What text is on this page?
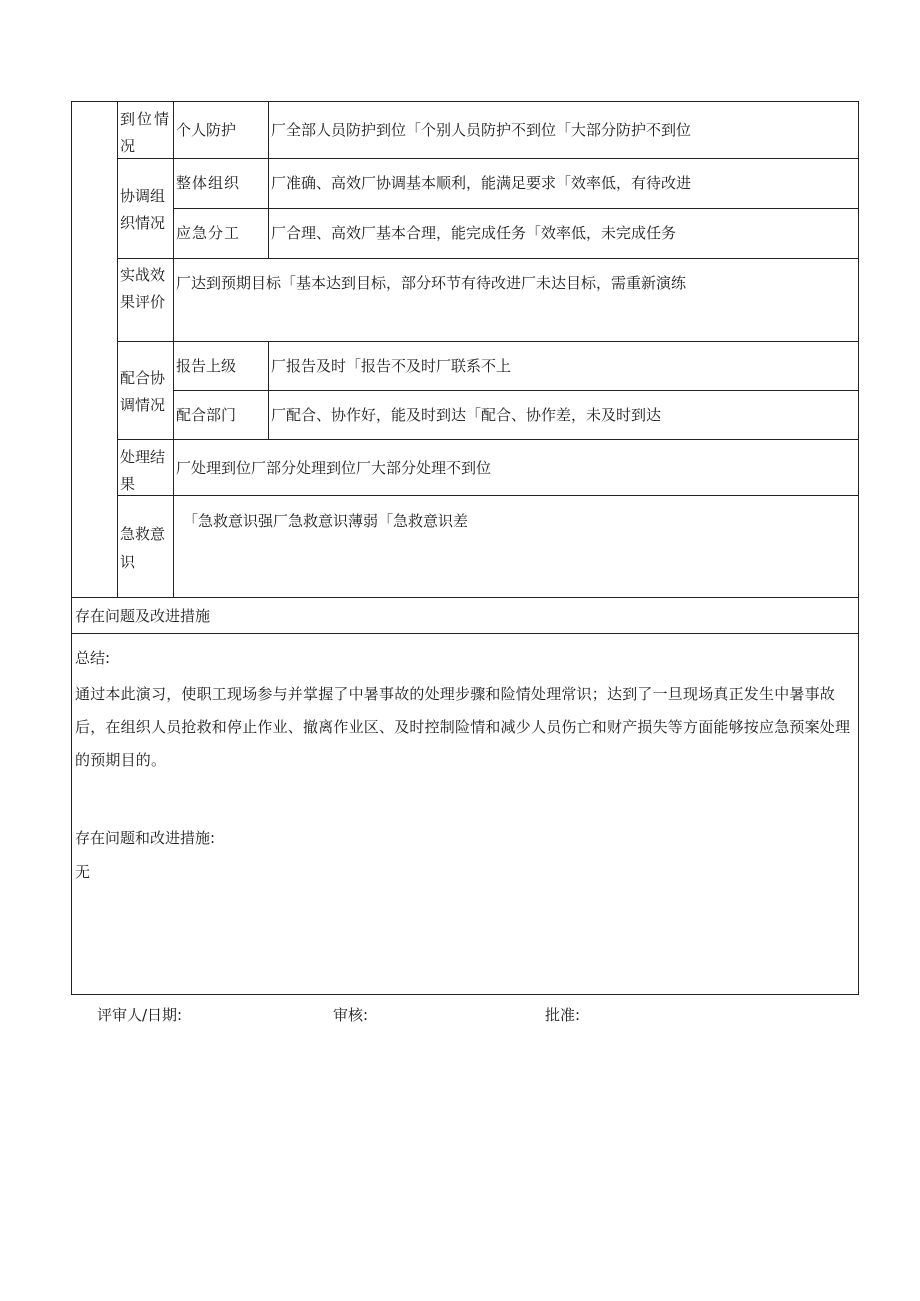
到位情况
个人防护 厂全部人员防护到位「个别人员防护不到位「大部分防护不到位
协调组织情况
整体组织 厂准确、高效厂协调基本顺利，能满足要求「效率低，有待改进
应急分工 厂合理、高效厂基本合理，能完成任务「效率低，未完成任务
实战效果评价
厂达到预期目标「基本达到目标，部分环节有待改进厂未达目标，需重新演练
配合协调情况
报告上级 厂报告及时「报告不及时厂联系不上
配合部门 厂配合、协作好，能及时到达「配合、协作差，未及时到达
处理结果
厂处理到位厂部分处理到位厂大部分处理不到位
急救意识
「急救意识强厂急救意识薄弱「急救意识差
存在问题及改进措施
总结:
通过本此演习，使职工现场参与并掌握了中暑事故的处理步骤和险情处理常识；达到了一旦现场真正发生中暑事故后，在组织人员抢救和停止作业、撤离作业区、及时控制险情和减少人员伤亡和财产损失等方面能够按应急预案处理的预期目的。
存在问题和改进措施:
无
评审人/日期:	审核:	批准:
